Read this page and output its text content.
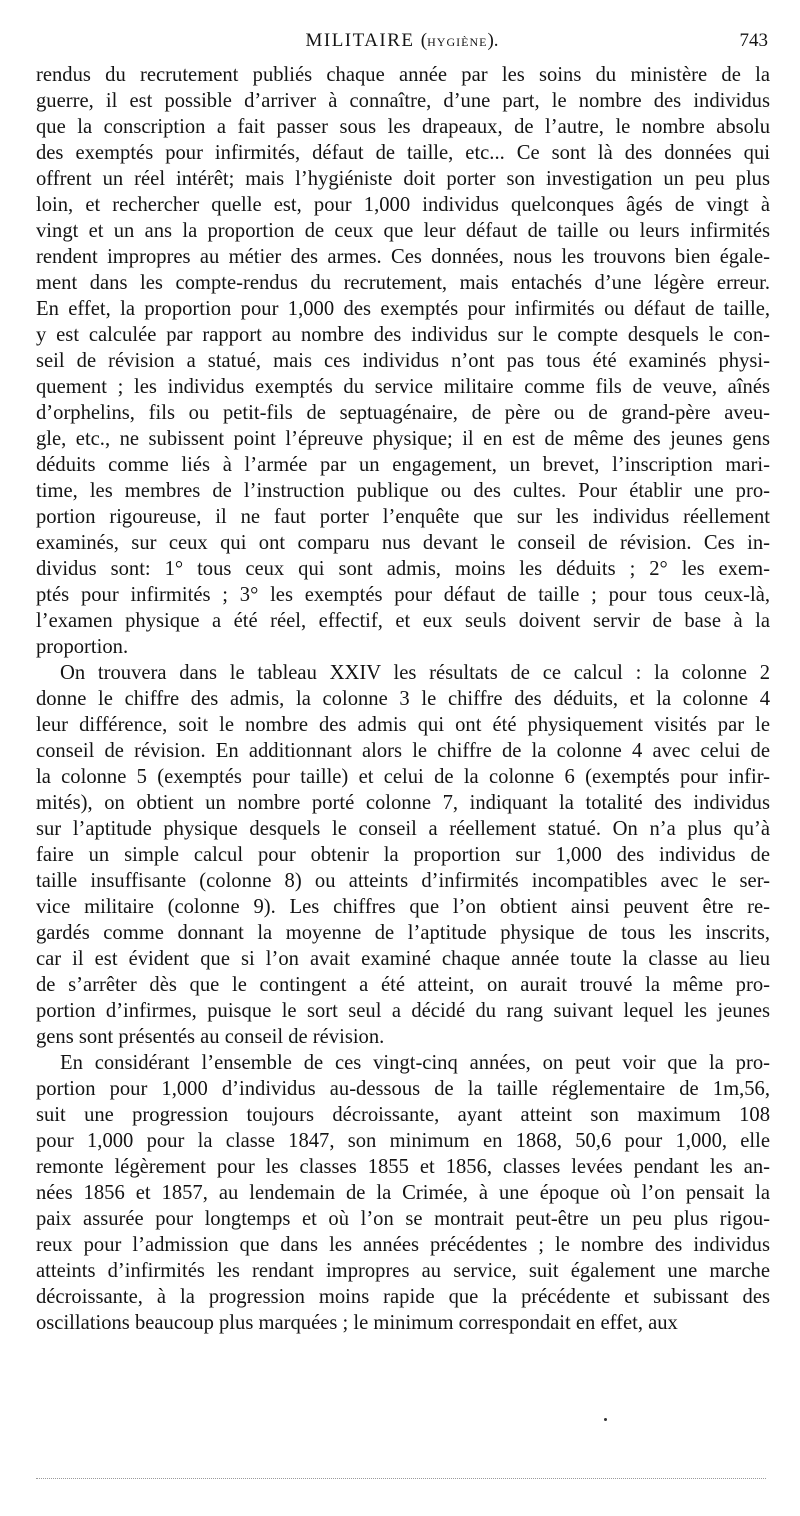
MILITAIRE (HYGIÈNE).	743
rendus du recrutement publiés chaque année par les soins du ministère de la
guerre, il est possible d’arriver à connaître, d’une part, le nombre des individus
que la conscription a fait passer sous les drapeaux, de l’autre, le nombre absolu
des exemptés pour infirmités, défaut de taille, etc... Ce sont là des données qui
offrent un réel intérêt; mais l’hygiéniste doit porter son investigation un peu plus
loin, et rechercher quelle est, pour 1,000 individus quelconques âgés de vingt à
vingt et un ans la proportion de ceux que leur défaut de taille ou leurs infirmités
rendent impropres au métier des armes. Ces données, nous les trouvons bien égale-
ment dans les compte-rendus du recrutement, mais entachés d’une légère erreur.
En effet, la proportion pour 1,000 des exemptés pour infirmités ou défaut de taille,
y est calculée par rapport au nombre des individus sur le compte desquels le con-
seil de révision a statué, mais ces individus n’ont pas tous été examinés physi-
quement ; les individus exemptés du service militaire comme fils de veuve, aînés
d’orphelins, fils ou petit-fils de septuagénaire, de père ou de grand-père aveu-
gle, etc., ne subissent point l’épreuve physique; il en est de même des jeunes gens
déduits comme liés à l’armée par un engagement, un brevet, l’inscription mari-
time, les membres de l’instruction publique ou des cultes. Pour établir une pro-
portion rigoureuse, il ne faut porter l’enquête que sur les individus réellement
examinés, sur ceux qui ont comparu nus devant le conseil de révision. Ces in-
dividus sont: 1° tous ceux qui sont admis, moins les déduits ; 2° les exem-
ptés pour infirmités ; 3° les exemptés pour défaut de taille ; pour tous ceux-là,
l’examen physique a été réel, effectif, et eux seuls doivent servir de base à la
proportion.
On trouvera dans le tableau XXIV les résultats de ce calcul : la colonne 2
donne le chiffre des admis, la colonne 3 le chiffre des déduits, et la colonne 4
leur différence, soit le nombre des admis qui ont été physiquement visités par le
conseil de révision. En additionnant alors le chiffre de la colonne 4 avec celui de
la colonne 5 (exemptés pour taille) et celui de la colonne 6 (exemptés pour infir-
mités), on obtient un nombre porté colonne 7, indiquant la totalité des individus
sur l’aptitude physique desquels le conseil a réellement statué. On n’a plus qu’à
faire un simple calcul pour obtenir la proportion sur 1,000 des individus de
taille insuffisante (colonne 8) ou atteints d’infirmités incompatibles avec le ser-
vice militaire (colonne 9). Les chiffres que l’on obtient ainsi peuvent être re-
gardés comme donnant la moyenne de l’aptitude physique de tous les inscrits,
car il est évident que si l’on avait examiné chaque année toute la classe au lieu
de s’arrêter dès que le contingent a été atteint, on aurait trouvé la même pro-
portion d’infirmes, puisque le sort seul a décidé du rang suivant lequel les jeunes
gens sont présentés au conseil de révision.
En considérant l’ensemble de ces vingt-cinq années, on peut voir que la pro-
portion pour 1,000 d’individus au-dessous de la taille réglementaire de 1m,56,
suit une progression toujours décroissante, ayant atteint son maximum 108
pour 1,000 pour la classe 1847, son minimum en 1868, 50,6 pour 1,000, elle
remonte légèrement pour les classes 1855 et 1856, classes levées pendant les an-
nées 1856 et 1857, au lendemain de la Crimée, à une époque où l’on pensait la
paix assurée pour longtemps et où l’on se montrait peut-être un peu plus rigou-
reux pour l’admission que dans les années précédentes ; le nombre des individus
atteints d’infirmités les rendant impropres au service, suit également une marche
décroissante, à la progression moins rapide que la précédente et subissant des
oscillations beaucoup plus marquées ; le minimum correspondait en effet, aux
